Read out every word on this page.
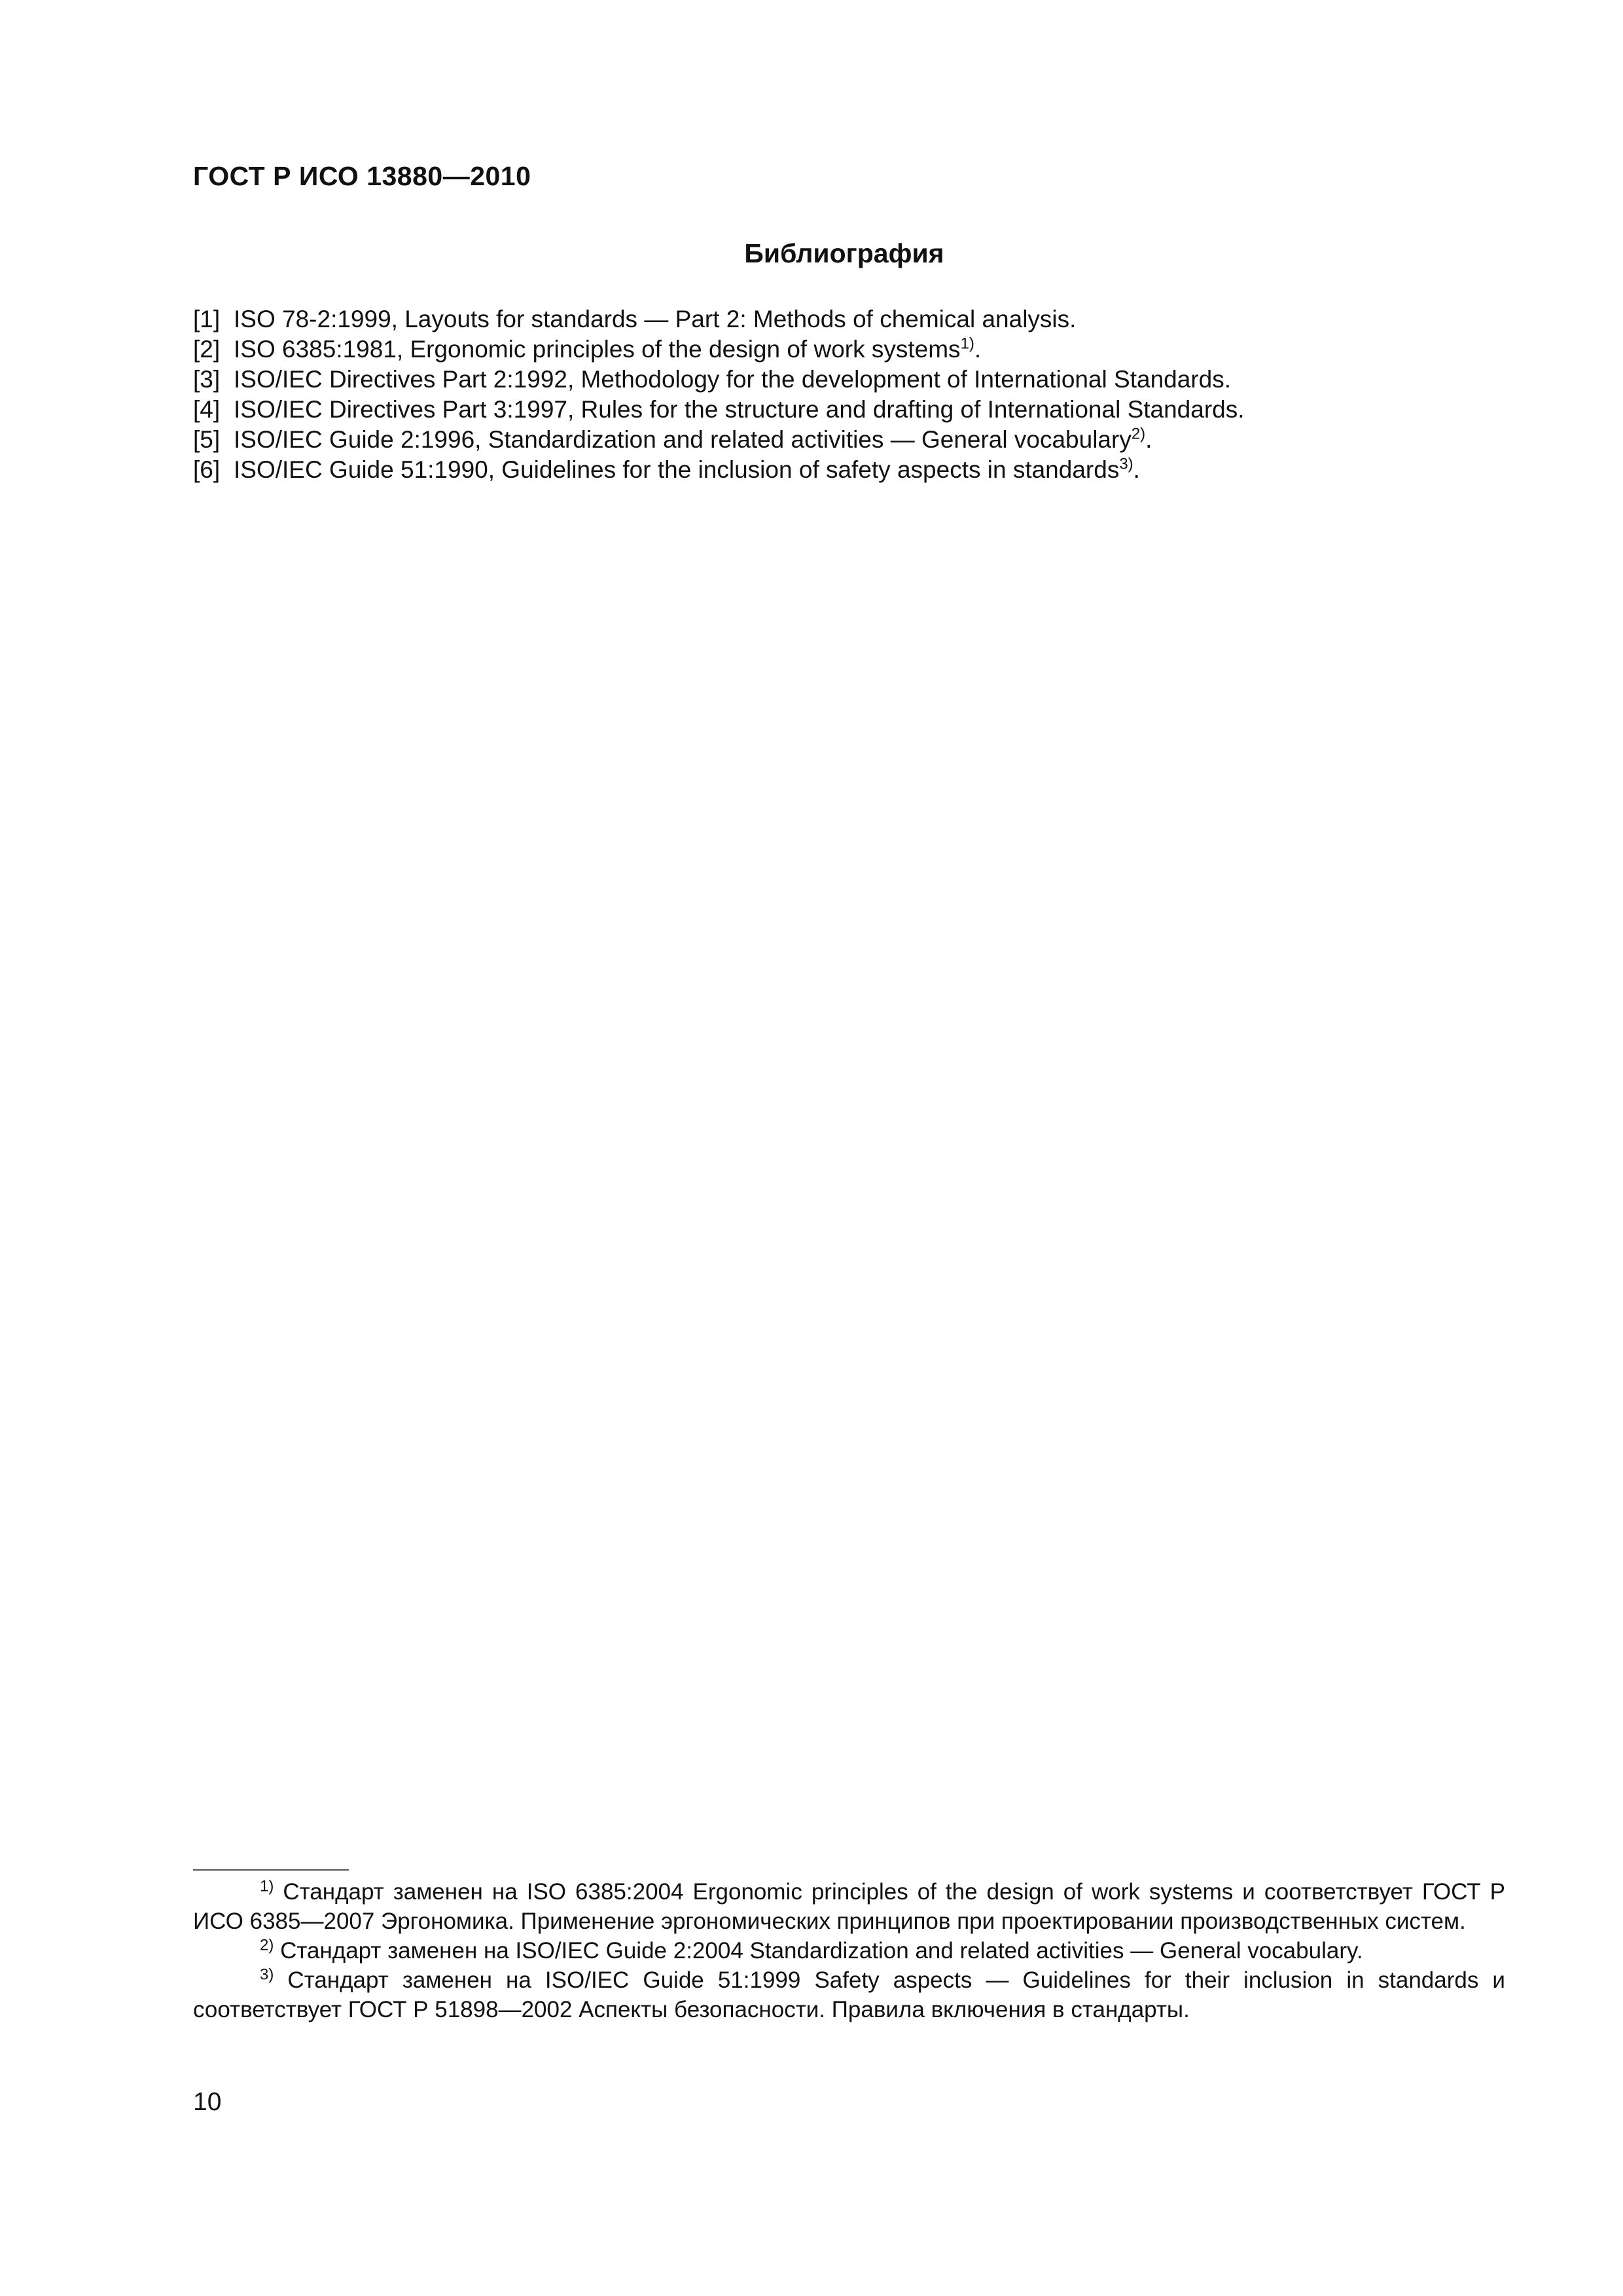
ГОСТ Р ИСО 13880—2010
Библиография
[1] ISO 78-2:1999, Layouts for standards — Part 2: Methods of chemical analysis.
[2] ISO 6385:1981, Ergonomic principles of the design of work systems$^{1)}$.
[3] ISO/IEC Directives Part 2:1992, Methodology for the development of International Standards.
[4] ISO/IEC Directives Part 3:1997, Rules for the structure and drafting of International Standards.
[5] ISO/IEC Guide 2:1996, Standardization and related activities — General vocabulary$^{2)}$.
[6] ISO/IEC Guide 51:1990, Guidelines for the inclusion of safety aspects in standards$^{3)}$.

$^{1)}$ Стандарт заменен на ISO 6385:2004 Ergonomic principles of the design of work systems и соответствует ГОСТ Р ИСО 6385—2007 Эргономика. Применение эргономических принципов при проектировании производственных систем.

$^{2)}$ Стандарт заменен на ISO/IEC Guide 2:2004 Standardization and related activities — General vocabulary.

$^{3)}$ Стандарт заменен на ISO/IEC Guide 51:1999 Safety aspects — Guidelines for their inclusion in standards и соответствует ГОСТ Р 51898—2002 Аспекты безопасности. Правила включения в стандарты.

10
